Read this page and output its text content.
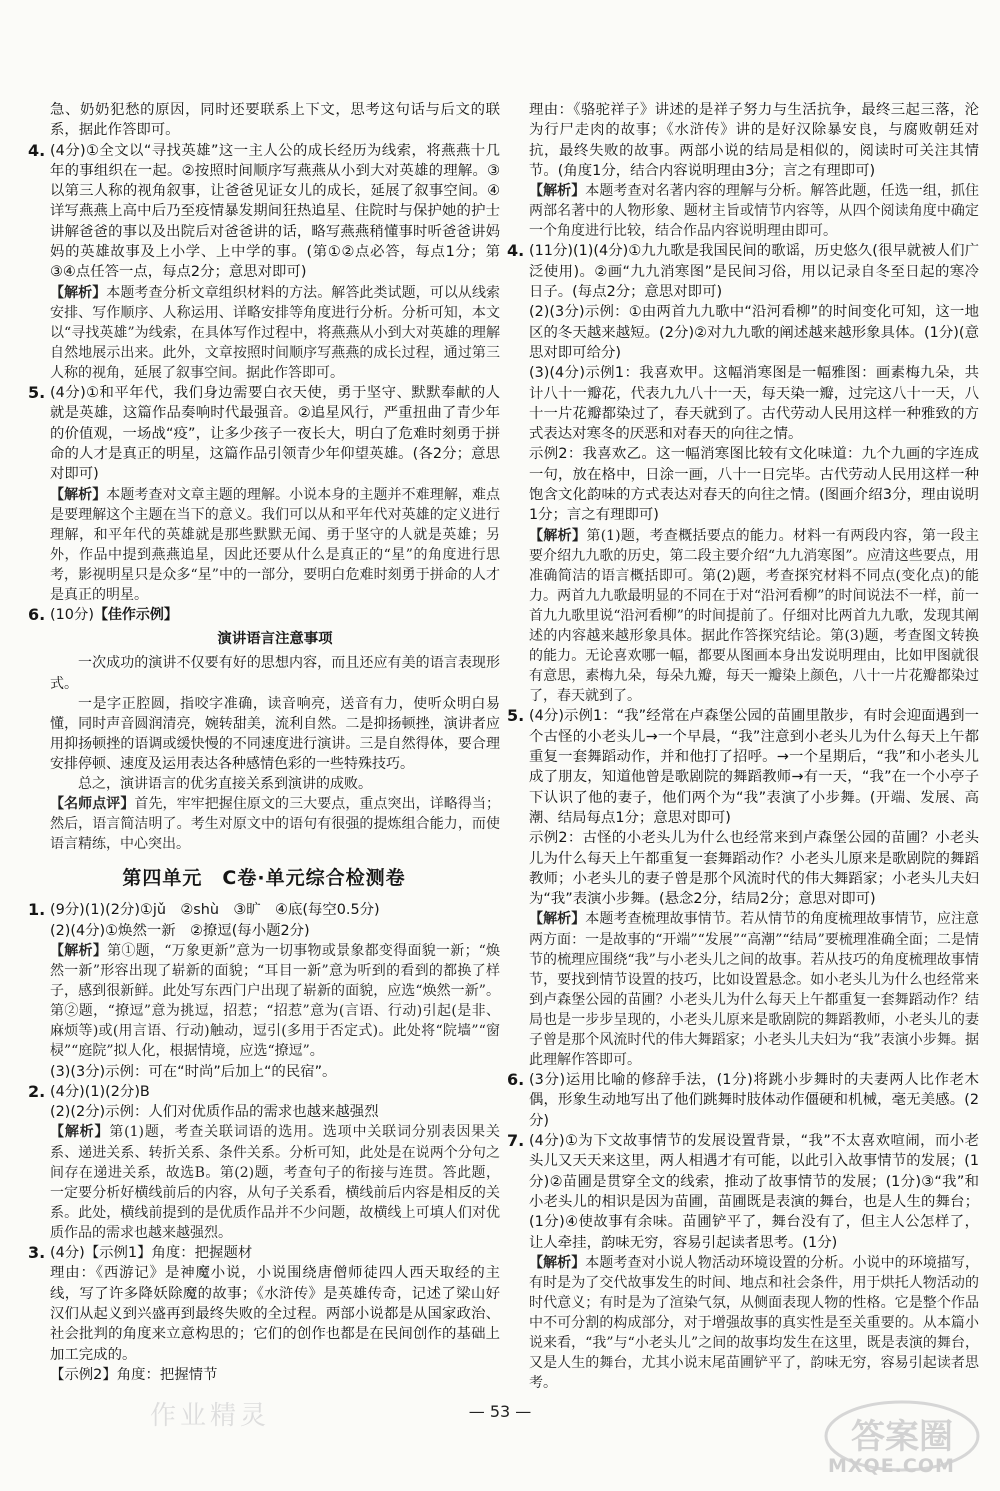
急、奶奶犯愁的原因，同时还要联系上下文，思考这句话与后文的联系，据此作答即可。

4. (4分)①全文以“寻找英雄”这一主人公的成长经历为线索，将燕燕十几年的事组织在一起。②按照时间顺序写燕燕从小到大对英雄的理解。③以第三人称的视角叙事，让爸爸见证女儿的成长，延展了叙事空间。④详写燕燕上高中后乃至疫情暴发期间狂热追星、住院时与保护她的护士讲解爸爸的事以及出院后对爸爸讲的话，略写燕燕稍懂事时听爸爸讲妈妈的英雄故事及上小学、上中学的事。(第①②点必答，每点1分；第③④点任答一点，每点2分；意思对即可)

【解析】本题考查分析文章组织材料的方法。解答此类试题，可以从线索安排、写作顺序、人称运用、详略安排等角度进行分析。分析可知，本文以“寻找英雄”为线索，在具体写作过程中，将燕燕从小到大对英雄的理解自然地展示出来。此外，文章按照时间顺序写燕燕的成长过程，通过第三人称的视角，延展了叙事空间。据此作答即可。

5. (4分)①和平年代，我们身边需要白衣天使，勇于坚守、默默奉献的人就是英雄，这篇作品奏响时代最强音。②追星风行，严重扭曲了青少年的价值观，一场战“疫”，让多少孩子一夜长大，明白了危难时刻勇于拼命的人才是真正的明星，这篇作品引领青少年仰望英雄。(各2分；意思对即可)

【解析】本题考查对文章主题的理解。小说本身的主题并不难理解，难点是要理解这个主题在当下的意义。我们可以从和平年代对英雄的定义进行理解，和平年代的英雄就是那些默默无闻、勇于坚守的人就是英雄；另外，作品中提到燕燕追星，因此还要从什么是真正的“星”的角度进行思考，影视明星只是众多“星”中的一部分，要明白危难时刻勇于拼命的人才是真正的明星。

6. (10分)【佳作示例】

演讲语言注意事项

一次成功的演讲不仅要有好的思想内容，而且还应有美的语言表现形式。

一是字正腔圆，指咬字准确，读音响亮，送音有力，使听众明白易懂，同时声音圆润清亮，婉转甜美，流利自然。二是抑扬顿挫，演讲者应用抑扬顿挫的语调或缓快慢的不同速度进行演讲。三是自然得体，要合理安排停顿、速度及运用表达各种感情色彩的一些特殊技巧。

总之，演讲语言的优劣直接关系到演讲的成败。

【名师点评】首先，牢牢把握住原文的三大要点，重点突出，详略得当；然后，语言简洁明了。考生对原文中的语句有很强的提炼组合能力，而使语言精练，中心突出。

第四单元　C卷·单元综合检测卷
1. (9分)(1)(2分)①jǔ　②shù　③旷　④底(每空0.5分)

(2)(4分)①焕然一新　②撩逗(每小题2分)

【解析】第①题，“万象更新”意为一切事物或景象都变得面貌一新；“焕然一新”形容出现了崭新的面貌；“耳目一新”意为听到的看到的都换了样子，感到很新鲜。此处写东西门户出现了崭新的面貌，应选“焕然一新”。第②题，“撩逗”意为挑逗，招惹；“招惹”意为(言语、行动)引起(是非、麻烦等)或(用言语、行动)触动，逗引(多用于否定式)。此处将“院墙”“窗棂”“庭院”拟人化，根据情境，应选“撩逗”。

(3)(3分)示例：可在“时尚”后加上“的民宿”。

2. (4分)(1)(2分)B

(2)(2分)示例：人们对优质作品的需求也越来越强烈

【解析】第(1)题，考查关联词语的选用。选项中关联词分别表因果关系、递进关系、转折关系、条件关系。分析可知，此处是在说两个分句之间存在递进关系，故选B。第(2)题，考查句子的衔接与连贯。答此题，一定要分析好横线前后的内容，从句子关系看，横线前后内容是相反的关系。此处，横线前提到的是优质作品并不少问题，故横线上可填人们对优质作品的需求也越来越强烈。

3. (4分)【示例1】角度：把握题材

理由：《西游记》是神魔小说，小说围绕唐僧师徒四人西天取经的主线，写了许多降妖除魔的故事；《水浒传》是英雄传奇，记述了梁山好汉们从起义到兴盛再到最终失败的全过程。两部小说都是从国家政治、社会批判的角度来立意构思的；它们的创作也都是在民间创作的基础上加工完成的。

【示例2】角度：把握情节

理由：《骆驼祥子》讲述的是祥子努力与生活抗争，最终三起三落，沦为行尸走肉的故事；《水浒传》讲的是好汉除暴安良，与腐败朝廷对抗，最终失败的故事。两部小说的结局是相似的，阅读时可关注其情节。(角度1分，结合内容说明理由3分；言之有理即可)

【解析】本题考查对名著内容的理解与分析。解答此题，任选一组，抓住两部名著中的人物形象、题材主旨或情节内容等，从四个阅读角度中确定一个角度进行比较，结合作品内容说明理由即可。

4. (11分)(1)(4分)①九九歌是我国民间的歌谣，历史悠久(很早就被人们广泛使用)。②画“九九消寒图”是民间习俗，用以记录自冬至日起的寒冷日子。(每点2分；意思对即可)

(2)(3分)示例：①由两首九九歌中“沿河看柳”的时间变化可知，这一地区的冬天越来越短。(2分)②对九九歌的阐述越来越形象具体。(1分)(意思对即可给分)

(3)(4分)示例1：我喜欢甲。这幅消寒图是一幅雅图：画素梅九朵，共计八十一瓣花，代表九九八十一天，每天染一瓣，过完这八十一天，八十一片花瓣都染过了，春天就到了。古代劳动人民用这样一种雅致的方式表达对寒冬的厌恶和对春天的向往之情。

示例2：我喜欢乙。这一幅消寒图比较有文化味道：九个九画的字连成一句，放在格中，日涂一画，八十一日完毕。古代劳动人民用这样一种饱含文化韵味的方式表达对春天的向往之情。(图画介绍3分，理由说明1分；言之有理即可)

【解析】第(1)题，考查概括要点的能力。材料一有两段内容，第一段主要介绍九九歌的历史，第二段主要介绍“九九消寒图”。应清这些要点，用准确简洁的语言概括即可。第(2)题，考查探究材料不同点(变化点)的能力。两首九九歌最明显的不同在于对“沿河看柳”的时间说法不一样，前一首九九歌里说“沿河看柳”的时间提前了。仔细对比两首九九歌，发现其阐述的内容越来越形象具体。据此作答探究结论。第(3)题，考查图文转换的能力。无论喜欢哪一幅，都要从图画本身出发说明理由，比如甲图就很有意思，素梅九朵，每朵九瓣，每天一瓣染上颜色，八十一片花瓣都染过了，春天就到了。

5. (4分)示例1：“我”经常在卢森堡公园的苗圃里散步，有时会迎面遇到一个古怪的小老头儿→一个早晨，“我”注意到小老头儿为什么每天上午都重复一套舞蹈动作，并和他打了招呼。→一个星期后，“我”和小老头儿成了朋友，知道他曾是歌剧院的舞蹈教师→有一天，“我”在一个小亭子下认识了他的妻子，他们两个为“我”表演了小步舞。(开端、发展、高潮、结局每点1分；意思对即可)

示例2：古怪的小老头儿为什么也经常来到卢森堡公园的苗圃？小老头儿为什么每天上午都重复一套舞蹈动作？小老头儿原来是歌剧院的舞蹈教师；小老头儿的妻子曾是那个风流时代的伟大舞蹈家；小老头儿夫妇为“我”表演小步舞。(悬念2分，结局2分；意思对即可)

【解析】本题考查梳理故事情节。若从情节的角度梳理故事情节，应注意两方面：一是故事的“开端”“发展”“高潮”“结局”要梳理准确全面；二是情节的梳理应围绕“我”与小老头儿之间的故事。若从技巧的角度梳理故事情节，要找到情节设置的技巧，比如设置悬念。如小老头儿为什么也经常来到卢森堡公园的苗圃？小老头儿为什么每天上午都重复一套舞蹈动作？结局也是一步步呈现的，小老头儿原来是歌剧院的舞蹈教师，小老头儿的妻子曾是那个风流时代的伟大舞蹈家；小老头儿夫妇为“我”表演小步舞。据此理解作答即可。

6. (3分)运用比喻的修辞手法，(1分)将跳小步舞时的夫妻两人比作老木偶，形象生动地写出了他们跳舞时肢体动作僵硬和机械，毫无美感。(2分)

7. (4分)①为下文故事情节的发展设置背景，“我”不太喜欢喧闹，而小老头儿又天天来这里，两人相遇才有可能，以此引入故事情节的发展；(1分)②苗圃是贯穿全文的线索，推动了故事情节的发展；(1分)③“我”和小老头儿的相识是因为苗圃，苗圃既是表演的舞台，也是人生的舞台；(1分)④使故事有余味。苗圃铲平了，舞台没有了，但主人公怎样了，让人牵挂，韵味无穷，容易引起读者思考。(1分)

【解析】本题考查对小说人物活动环境设置的分析。小说中的环境描写，有时是为了交代故事发生的时间、地点和社会条件，用于烘托人物活动的时代意义；有时是为了渲染气氛，从侧面表现人物的性格。它是整个作品中不可分割的构成部分，对于增强故事的真实性是至关重要的。从本篇小说来看，“我”与“小老头儿”之间的故事均发生在这里，既是表演的舞台，又是人生的舞台，尤其小说末尾苗圃铲平了，韵味无穷，容易引起读者思考。

作业精灵	— 53 —
答案圈
MXQE.COM
